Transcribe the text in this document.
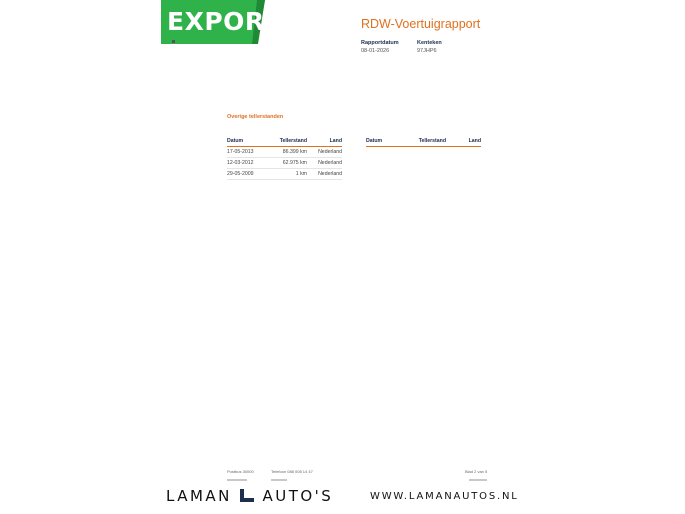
EXPORT	RDW-Voertuigrapport
Rapportdatum
08-01-2026
Kenteken
97JHP6
Overige tellerstanden
Datum	Tellerstand	Land
17-05-2013	86.399 km	Nederland
12-03-2012	62.975 km	Nederland
29-05-2009	1 km	Nederland
Datum	Tellerstand	Land
Postbus 30000	Telefoon 088 008 14 47	Blad 2 van 5
LAMAN AUTO'S	WWW.LAMANAUTOS.NL
